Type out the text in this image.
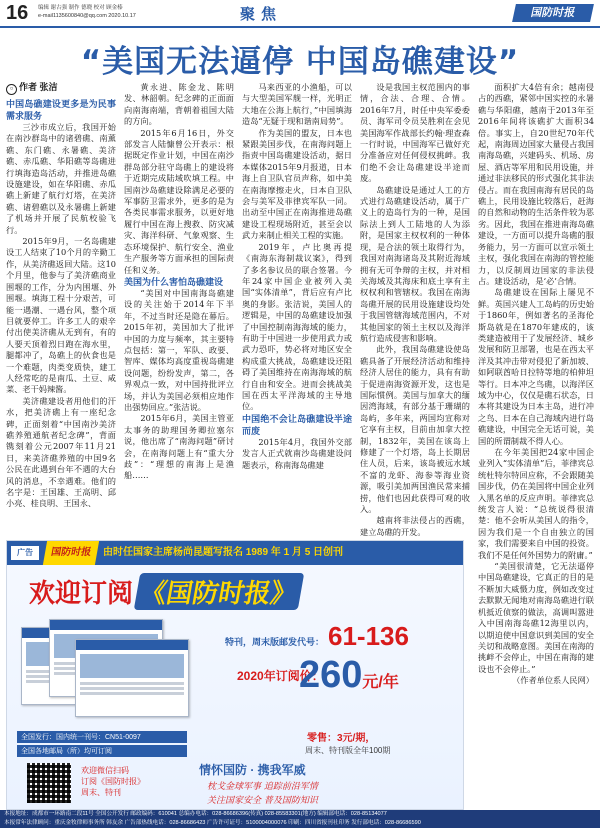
16 编辑 谢古强 制作 德晓 校对 顾金榛
e-mail1135600840@qq.com 2020.10.17	聚焦	国防时报
“美国无法逼停 中国岛礁建设”
○ 作者 张洁

中国岛礁建设更多是为民事需求服务

三沙市成立后，我国开始在南沙群岛中的诸碧礁、南薰礁、东门礁、永暑礁、美济礁、赤瓜礁、华阳礁等岛礁进行填海造岛活动，并推进岛礁设施建设，如在华阳礁、赤瓜礁上新建了航行灯塔，在美济礁、诸碧礁以及永暑礁上新建了机场并开展了民航校验飞行。

2015年9月，一名岛礁建设工人结束了10个月的辛勤工作，从美济礁返回大陆。这10个月里，他参与了美济礁商业围堰的工作，分为内围堰、外围堰。填海工程十分艰苦，可能一遇潮、一遇台风，整个项目就要停工。许多工人的艰辛付出使美济礁从无到有，有的人要天顶着烈日跑在海水里，腿都冲了，岛礁上的伙食也是一个难题，肉类变质快，建工人经常吃的是南瓜、土豆、咸菜、老干妈辣酱。

美济礁建设者用他们的汗水，把美济礁上有一座纪念碑，正面刻着“中国南沙美济礁养殖通航者纪念碑”，背面镌刻着公元2007年11月21日，来美济礁养殖的中国9名公民在此遇到台年不遇的大台风的消息，不幸遇难。他们的名字是：王国雄、王高明、邱小亮、桂良明、王国永、

黄永进、陈金龙、陈明发、林韶朝。纪念碑的正面面向南海南端，背朝着祖国大陆的方向。

2015年6月16日，外交部发言人陆慷曾公开表示：根据既定作业计划，中国在南沙群岛部分驻守岛礁上的建设将于近期完成陆域吹填工程。中国南沙岛礁建设除满足必要的军事防卫需求外，更多的是为各类民事需求服务，以更好地履行中国在海上搜救、防灾减灾、海洋科研、气象观察、生态环境保护、航行安全、渔业生产服务等方面承担的国际责任和义务。

美国为什么害怕岛礁建设

“美国对中国南海岛礁建设的关注始于2014年下半年，不过当时还是隐在幕后。2015年初，美国加大了批评中国的力度与频率，其主要特点包括：第一，军队、政要、智库、媒体均高度重视岛礁建设问题，纷纷发声，第二，各界观点一致，对中国持批评立场，并认为美国必须相应地作出强势回应。”张洁说。

2015年6月，美国主管亚太事务的助理国务卿拉塞尔说，他出席了“南海问题”研讨会，在南海问题上有“重大分歧”：“理想的南海上是渔船……

马来西亚的小渔船，可以与大型美国军舰一样，光明正大地在公海上航行，”中国填海造岛“无疑于现和谐南局势”。

作为美国的盟友，日本也紧跟美国步伐，在南海问题上指责中国岛礁建设活动，据日本媒体2015年9月报道，日本海上自卫队官员声称，如中美在南海摩擦走火，日本自卫队会与美军及菲律宾军队一同。出动至中国正在南海推进岛礁建设工程现场附近，甚至会以武力来制止相关工程的实施。

2019年，卢比奥再提《南海东海制裁议案》，得到了多名参议员的联合签署。今年24家中国企业被列入美国“实体清单”，背后应有卢比奥的身影。张洁说，美国人的逻辑是，中国的岛礁建设加强了中国控制南海海域的能力，有助于中国进一步使用武力或武力恐吓，势必将对地区安全构成重大挑战，岛礁建设还阻碍了美国维持在南海海域的航行自由和安全。进而会挑战美国在西太平洋海域的主导地位。

中国绝不会让岛礁建设半途而废

2015年4月，我国外交部发言人正式就南沙岛礁建设问题表示，称南海岛礁建

设是我国主权范围内的事情，合法、合理、合情。2016年7月，时任中央军委委员、海军司令员吴胜利在会见美国海军作战部长约翰·理查森一行时说，中国海军已做好充分准备应对任何侵权挑衅。我们绝不会让岛礁建设半途而废。

岛礁建设是通过人工的方式进行岛礁建设活动，属于广义上的造岛行为的一种，是国际法上到人工陆地的人为添附，是国家主权权利的一种体现，是合法的领土取得行为，我国对南海诸岛及其附近海域拥有无可争辩的主权，并对相关海域及其海床和底土享有主权权利和管辖权。我国在南海岛礁开展的民用设施建设均处于我国管辖海域范围内，不对其他国家的领土主权以及海洋航行造成侵害和影响。

此外，我国岛礁建设使岛礁具备了开展经济活动和维持经济人居住的能力，具有有助于促进南海资源开发，这也是国际惯例。美国与加拿大的缅因湾海域，有部分基于珊瑚的岛屿，多年来，两国均宣称对它享有主权，目前由加拿大控制，1832年，美国在该岛上修建了一个灯塔，岛上长期居住人员，后来，该岛被远水域不富的龙虾、海参等海业资源，吸引美加两国渔民常来捕捞，他们也因此获得可观的收入。

越南将非法侵占的西礁，建立岛礁的开发。

面积扩大4倍有余；越南侵占的西礁，紧邻中国实控的永暑礁与华阳礁，越南于2013年至2016年间将该礁扩大面积34倍。事实上，自20世纪70年代起，南海周边国家大量侵占我国南海岛礁，兴建码头、机场、房屋、酒店等军用和民用设施，并通过非法移民的形式强化其非法侵占。而在我国南海有居民的岛礁上，民用设施比较落后，赶海的自然和动物的生活条件较为恶劣。因此，我国在推进南海岛礁建设，一方面可以提升岛礁的服务能力，另一方面可以宣示领土主权，强化我国在南海的管控能力，以反制周边国家的非法侵占。建设活动，是‘必’合情。

岛礁建设在国际上屡见不鲜。英国兴建人工岛屿的历史始于1860年，例如著名的圣海伦斯岛就是在1870年建成的，该类建造被用于了发展经济、城乡发展和防卫部署，也是在西太平洋及其冲击带对侵犯了新加坡、如阿联酋哈日拉特等地的柏伸坦等行。日本冲之鸟礁，以海洋区域为中心，仅仅是礁石状态，日本将其建设为日本主岛，进行冲之鸟、日本在自己海域内进行岛礁建设，中国完全无话可说，美国的所谓制裁不得人心。

在今年美国把24家中国企业列入“实体清单”后，菲律宾总统杜特尔特回应称，不会跟随美国步伐，仍在美国将中国企业列入黑名单的反应声明。菲律宾总统发言人说：“总统说得很清楚：他不会听从美国人的指令，因为我们是一个自由独立的国家，我们需要来自中国的投资。我们不是任何外国势力的附庸。”

“美国很清楚，它无法逼停中国岛礁建设，它真正的目的是不断加大威慑力度，例如改变过去默默无闻地对南海岛礁进行联机抵近侦察的做法，高调叫嚣进入中国南海岛礁12海里以内，以期迫使中国意识到美国的安全关切和战略意图。美国在南海的挑衅不会停止，中国在南海的建设也不会停止。”

（作者单位系人民网）

广告 国防时报 由时任国家主席杨尚昆题写报名 1989 年 1 月 5 日创刊
欢迎订阅 《国防时报》
特刊，周末版邮发代号： 61-136
2020年订阅价：
260元/年
零售：3元/期，
周末、特刊版全年100期
全国发行：国内统一刊号：CN51-0097
全国各地邮局（所）均可订阅
欢迎微信扫码
订阅《国防时报》
周末、特刊
情怀国防 · 携我军威
枕戈金球军事 追踪前沿军情
关注国家安全 普及国防知识
本报地址：成都市一环路南二段11号 全国公开发行 邮政编码：610041 总编办电话：028-86686396(传真) 028-85583301(地方) 编辑部电话：028-85134077
本报常年法律顾问：重庆金牧律师事务所 韩友余 广告部热线电话：028-86686423 广告许可证号：5100004000076 印刷：四川省报刊社印务 发行部电话：028-86686590
